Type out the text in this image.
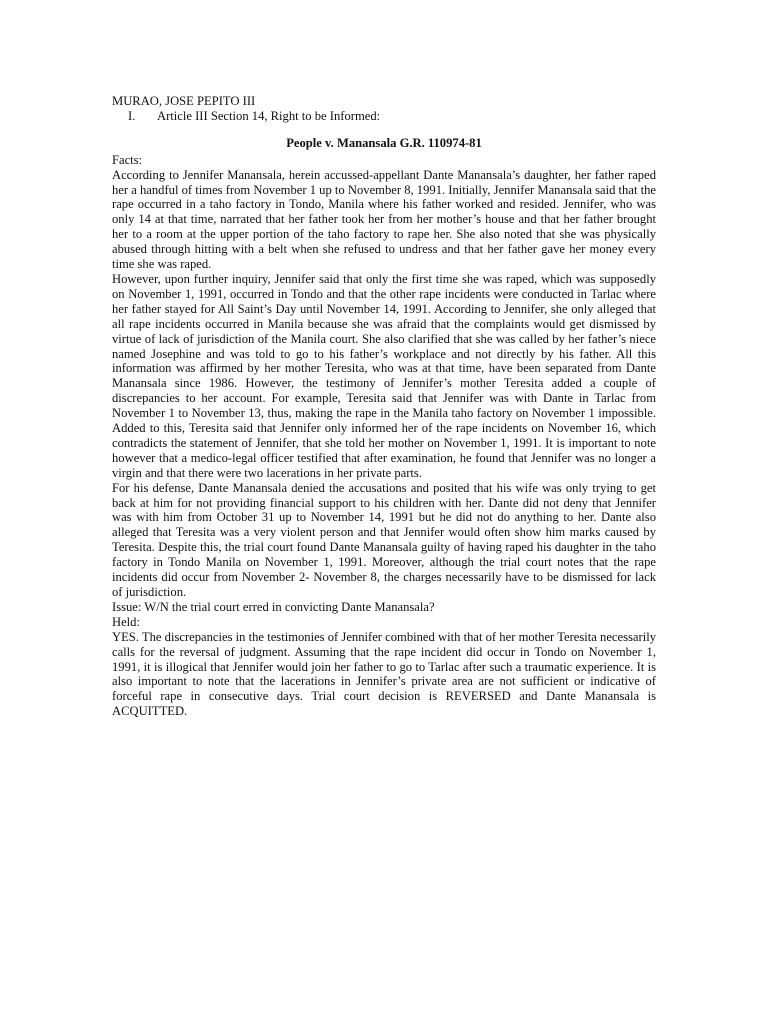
MURAO, JOSE PEPITO III

I.	Article III Section 14, Right to be Informed:

People v. Manansala G.R. 110974-81

Facts:

According to Jennifer Manansala, herein accussed-appellant Dante Manansala’s daughter, her father raped her a handful of times from November 1 up to November 8, 1991. Initially, Jennifer Manansala said that the rape occurred in a taho factory in Tondo, Manila where his father worked and resided. Jennifer, who was only 14 at that time, narrated that her father took her from her mother’s house and that her father brought her to a room at the upper portion of the taho factory to rape her. She also noted that she was physically abused through hitting with a belt when she refused to undress and that her father gave her money every time she was raped.

However, upon further inquiry, Jennifer said that only the first time she was raped, which was supposedly on November 1, 1991, occurred in Tondo and that the other rape incidents were conducted in Tarlac where her father stayed for All Saint’s Day until November 14, 1991. According to Jennifer, she only alleged that all rape incidents occurred in Manila because she was afraid that the complaints would get dismissed by virtue of lack of jurisdiction of the Manila court. She also clarified that she was called by her father’s niece named Josephine and was told to go to his father’s workplace and not directly by his father. All this information was affirmed by her mother Teresita, who was at that time, have been separated from Dante Manansala since 1986. However, the testimony of Jennifer’s mother Teresita added a couple of discrepancies to her account. For example, Teresita said that Jennifer was with Dante in Tarlac from November 1 to November 13, thus, making the rape in the Manila taho factory on November 1 impossible. Added to this, Teresita said that Jennifer only informed her of the rape incidents on November 16, which contradicts the statement of Jennifer, that she told her mother on November 1, 1991. It is important to note however that a medico-legal officer testified that after examination, he found that Jennifer was no longer a virgin and that there were two lacerations in her private parts.

For his defense, Dante Manansala denied the accusations and posited that his wife was only trying to get back at him for not providing financial support to his children with her. Dante did not deny that Jennifer was with him from October 31 up to November 14, 1991 but he did not do anything to her. Dante also alleged that Teresita was a very violent person and that Jennifer would often show him marks caused by Teresita. Despite this, the trial court found Dante Manansala guilty of having raped his daughter in the taho factory in Tondo Manila on November 1, 1991. Moreover, although the trial court notes that the rape incidents did occur from November 2- November 8, the charges necessarily have to be dismissed for lack of jurisdiction.

Issue: W/N the trial court erred in convicting Dante Manansala?

Held:

YES. The discrepancies in the testimonies of Jennifer combined with that of her mother Teresita necessarily calls for the reversal of judgment. Assuming that the rape incident did occur in Tondo on November 1, 1991, it is illogical that Jennifer would join her father to go to Tarlac after such a traumatic experience. It is also important to note that the lacerations in Jennifer’s private area are not sufficient or indicative of forceful rape in consecutive days. Trial court decision is REVERSED and Dante Manansala is ACQUITTED.
